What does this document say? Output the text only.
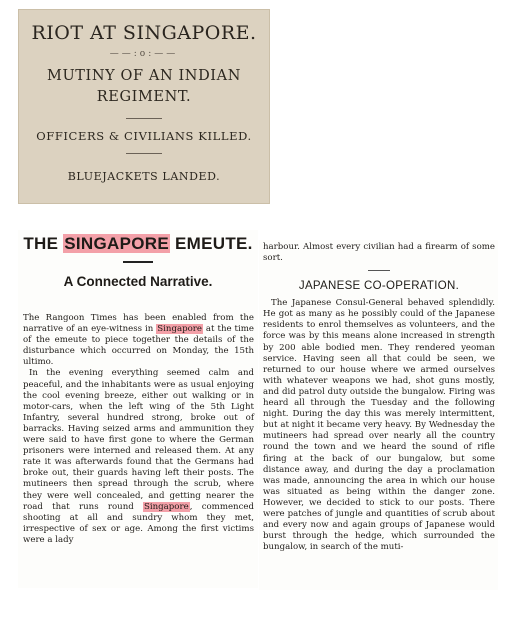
RIOT AT SINGAPORE.
——:o:——
MUTINY OF AN INDIAN REGIMENT.
OFFICERS & CIVILIANS KILLED.
BLUEJACKETS LANDED.
THE SINGAPORE EMEUTE.
A Connected Narrative.

The Rangoon Times has been enabled from the narrative of an eye-witness in Singapore at the time of the emeute to piece together the details of the disturbance which occurred on Monday, the 15th ultimo.

In the evening everything seemed calm and peaceful, and the inhabitants were as usual enjoying the cool evening breeze, either out walking or in motor-cars, when the left wing of the 5th Light Infantry, several hundred strong, broke out of barracks. Having seized arms and ammunition they were said to have first gone to where the German prisoners were interned and released them. At any rate it was afterwards found that the Germans had broke out, their guards having left their posts. The mutineers then spread through the scrub, where they were well concealed, and getting nearer the road that runs round Singapore, commenced shooting at all and sundry whom they met, irrespective of sex or age. Among the first victims were a lady

harbour. Almost every civilian had a firearm of some sort.
JAPANESE CO-OPERATION.

The Japanese Consul-General behaved splendidly. He got as many as he possibly could of the Japanese residents to enrol themselves as volunteers, and the force was by this means alone increased in strength by 200 able bodied men. They rendered yeoman service. Having seen all that could be seen, we returned to our house where we armed ourselves with whatever weapons we had, shot guns mostly, and did patrol duty outside the bungalow. Firing was heard all through the Tuesday and the following night. During the day this was merely intermittent, but at night it became very heavy. By Wednesday the mutineers had spread over nearly all the country round the town and we heard the sound of rifle firing at the back of our bungalow, but some distance away, and during the day a proclamation was made, announcing the area in which our house was situated as being within the danger zone. However, we decided to stick to our posts. There were patches of jungle and quantities of scrub about and every now and again groups of Japanese would burst through the hedge, which surrounded the bungalow, in search of the muti-
